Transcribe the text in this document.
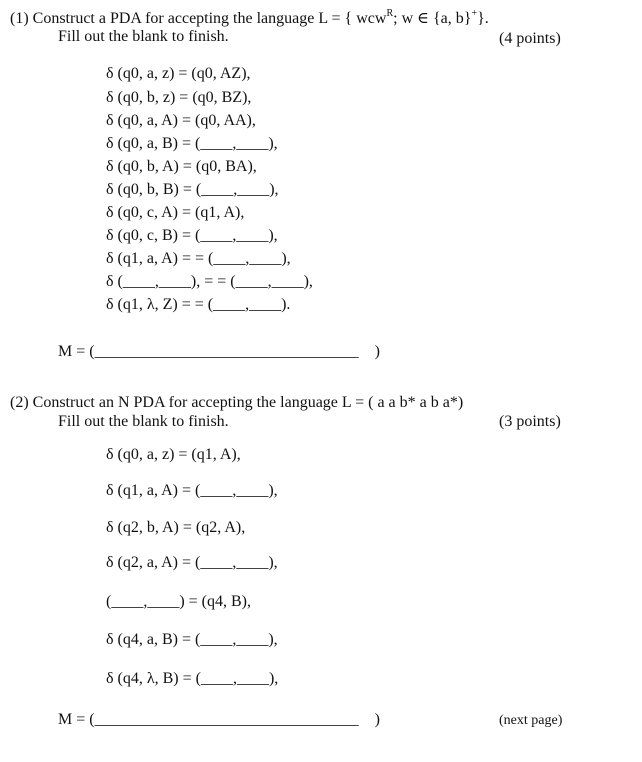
(1) Construct a PDA for accepting the language L = { wcw$^R$; w ∈ {a, b}+}.
Fill out the blank to finish.	(4 points)
δ (q0, a, z) = (q0, AZ),
δ (q0, b, z) = (q0, BZ),
δ (q0, a, A) = (q0, AA),
δ (q0, a, B) = (____,____),
δ (q0, b, A) = (q0, BA),
δ (q0, b, B) = (____,____),
δ (q0, c, A) = (q1, A),
δ (q0, c, B) = (____,____),
δ (q1, a, A) = = (____,____),
δ (____,____), = = (____,____),
δ (q1, λ, Z) = = (____,____).
M = (_________________________________    )
(2) Construct an N PDA for accepting the language L = ( a a b* a b a*)
Fill out the blank to finish.	(3 points)
δ (q0, a, z) = (q1, A),
δ (q1, a, A) = (____,____),
δ (q2, b, A) = (q2, A),
δ (q2, a, A) = (____,____),
(____,____) = (q4, B),
δ (q4, a, B) = (____,____),
δ (q4, λ, B) = (____,____),
M = (_________________________________    )	(next page)
